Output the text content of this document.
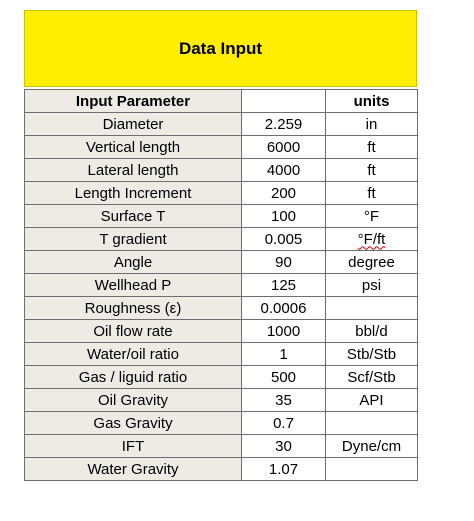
Data Input
Input Parameter		units
Diameter	2.259	in
Vertical length	6000	ft
Lateral length	4000	ft
Length Increment	200	ft
Surface T	100	°F
T gradient	0.005	°F/ft
Angle	90	degree
Wellhead P	125	psi
Roughness (ε)	0.0006	
Oil flow rate	1000	bbl/d
Water/oil ratio	1	Stb/Stb
Gas / liguid ratio	500	Scf/Stb
Oil Gravity	35	API
Gas Gravity	0.7	
IFT	30	Dyne/cm
Water Gravity	1.07	
